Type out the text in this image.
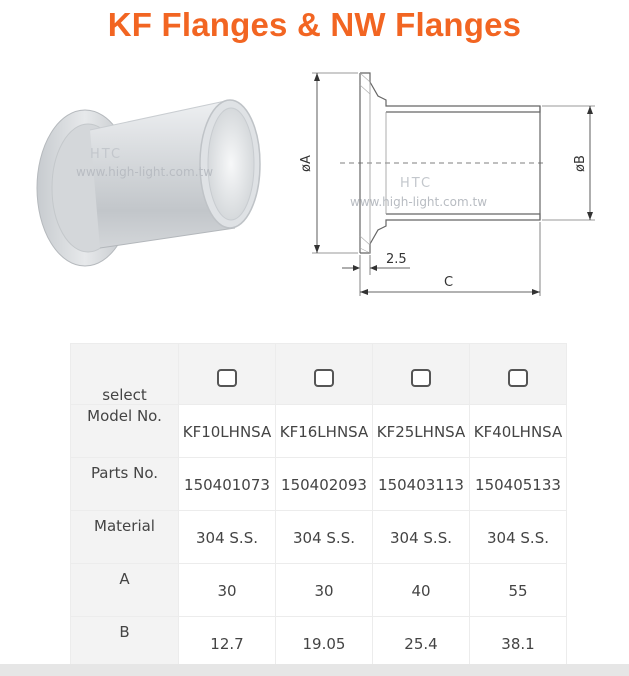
KF Flanges & NW Flanges
HTC
www.high-light.com.tw	øA	øB
2.5
C
HTC
www.high-light.com.tw
select				
Model No.	KF10LHNSA	KF16LHNSA	KF25LHNSA	KF40LHNSA
Parts No.	150401073	150402093	150403113	150405133
Material	304 S.S.	304 S.S.	304 S.S.	304 S.S.
A	30	30	40	55
B	12.7	19.05	25.4	38.1
